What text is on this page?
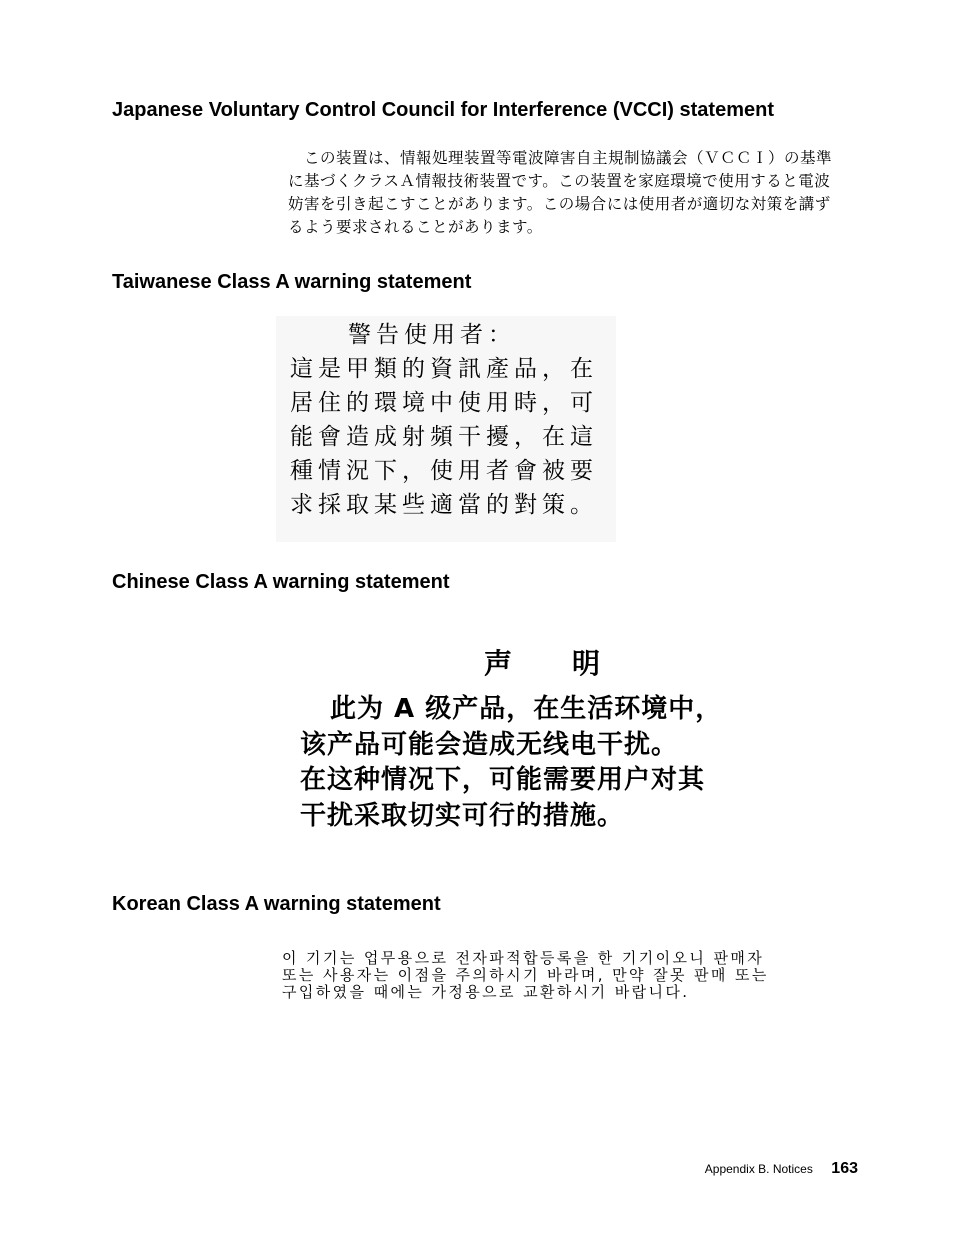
Japanese Voluntary Control Council for Interference (VCCI) statement
この装置は、情報処理装置等電波障害自主規制協議会（ＶＣＣＩ）の基準
に基づくクラスＡ情報技術装置です。この装置を家庭環境で使用すると電波
妨害を引き起こすことがあります。この場合には使用者が適切な対策を講ず
るよう要求されることがあります。
Taiwanese Class A warning statement
警告使用者：
這是甲類的資訊產品，在
居住的環境中使用時，可
能會造成射頻干擾，在這
種情況下，使用者會被要
求採取某些適當的對策。
Chinese Class A warning statement
声明
此为 A 级产品，在生活环境中，
该产品可能会造成无线电干扰。
在这种情况下，可能需要用户对其
干扰采取切实可行的措施。
Korean Class A warning statement
이 기기는 업무용으로 전자파적합등록을 한 기기이오니 판매자
또는 사용자는 이점을 주의하시기 바라며, 만약 잘못 판매 또는
구입하였을 때에는 가정용으로 교환하시기 바랍니다.
Appendix B. Notices 163
